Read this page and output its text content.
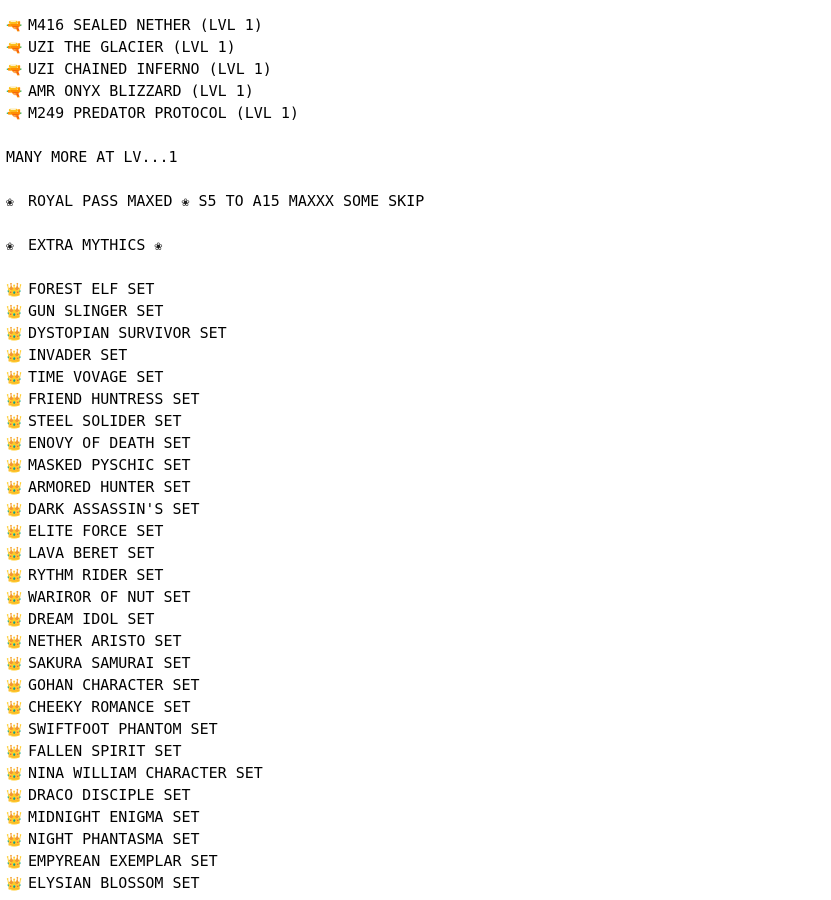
🔫 M416 SEALED NETHER (LVL 1)
🔫 UZI THE GLACIER (LVL 1)
🔫 UZI CHAINED INFERNO (LVL 1)
🔫 AMR ONYX BLIZZARD (LVL 1)
🔫 M249 PREDATOR PROTOCOL (LVL 1)
MANY MORE AT LV...1
❀ ROYAL PASS MAXED ❀ S5 TO A15 MAXXX SOME SKIP
❀ EXTRA MYTHICS ❀
👑 FOREST ELF SET
👑 GUN SLINGER SET
👑 DYSTOPIAN SURVIVOR SET
👑 INVADER SET
👑 TIME VOVAGE SET
👑 FRIEND HUNTRESS SET
👑 STEEL SOLIDER SET
👑 ENOVY OF DEATH SET
👑 MASKED PYSCHIC SET
👑 ARMORED HUNTER SET
👑 DARK ASSASSIN'S SET
👑 ELITE FORCE SET
👑 LAVA BERET SET
👑 RYTHM RIDER SET
👑 WARIROR OF NUT SET
👑 DREAM IDOL SET
👑 NETHER ARISTO SET
👑 SAKURA SAMURAI SET
👑 GOHAN CHARACTER SET
👑 CHEEKY ROMANCE SET
👑 SWIFTFOOT PHANTOM SET
👑 FALLEN SPIRIT SET
👑 NINA WILLIAM CHARACTER SET
👑 DRACO DISCIPLE SET
👑 MIDNIGHT ENIGMA SET
👑 NIGHT PHANTASMA SET
👑 EMPYREAN EXEMPLAR SET
👑 ELYSIAN BLOSSOM SET
